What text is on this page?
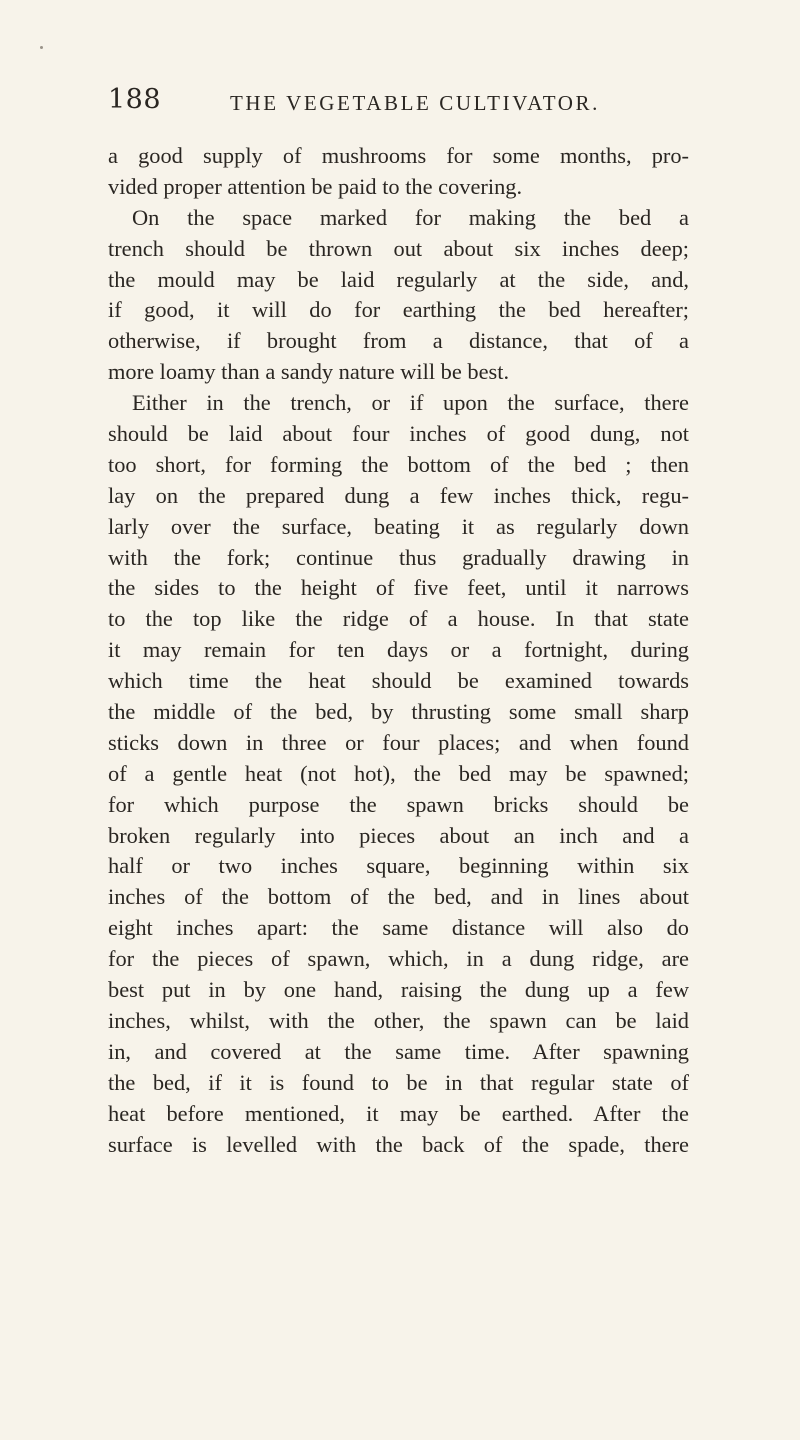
188	THE VEGETABLE CULTIVATOR.
a good supply of mushrooms for some months, pro-
vided proper attention be paid to the covering.
On the space marked for making the bed a
trench should be thrown out about six inches deep;
the mould may be laid regularly at the side, and,
if good, it will do for earthing the bed hereafter;
otherwise, if brought from a distance, that of a
more loamy than a sandy nature will be best.
Either in the trench, or if upon the surface, there
should be laid about four inches of good dung, not
too short, for forming the bottom of the bed ; then
lay on the prepared dung a few inches thick, regu-
larly over the surface, beating it as regularly down
with the fork; continue thus gradually drawing in
the sides to the height of five feet, until it narrows
to the top like the ridge of a house. In that state
it may remain for ten days or a fortnight, during
which time the heat should be examined towards
the middle of the bed, by thrusting some small sharp
sticks down in three or four places; and when found
of a gentle heat (not hot), the bed may be spawned;
for which purpose the spawn bricks should be
broken regularly into pieces about an inch and a
half or two inches square, beginning within six
inches of the bottom of the bed, and in lines about
eight inches apart: the same distance will also do
for the pieces of spawn, which, in a dung ridge, are
best put in by one hand, raising the dung up a few
inches, whilst, with the other, the spawn can be laid
in, and covered at the same time. After spawning
the bed, if it is found to be in that regular state of
heat before mentioned, it may be earthed. After the
surface is levelled with the back of the spade, there
